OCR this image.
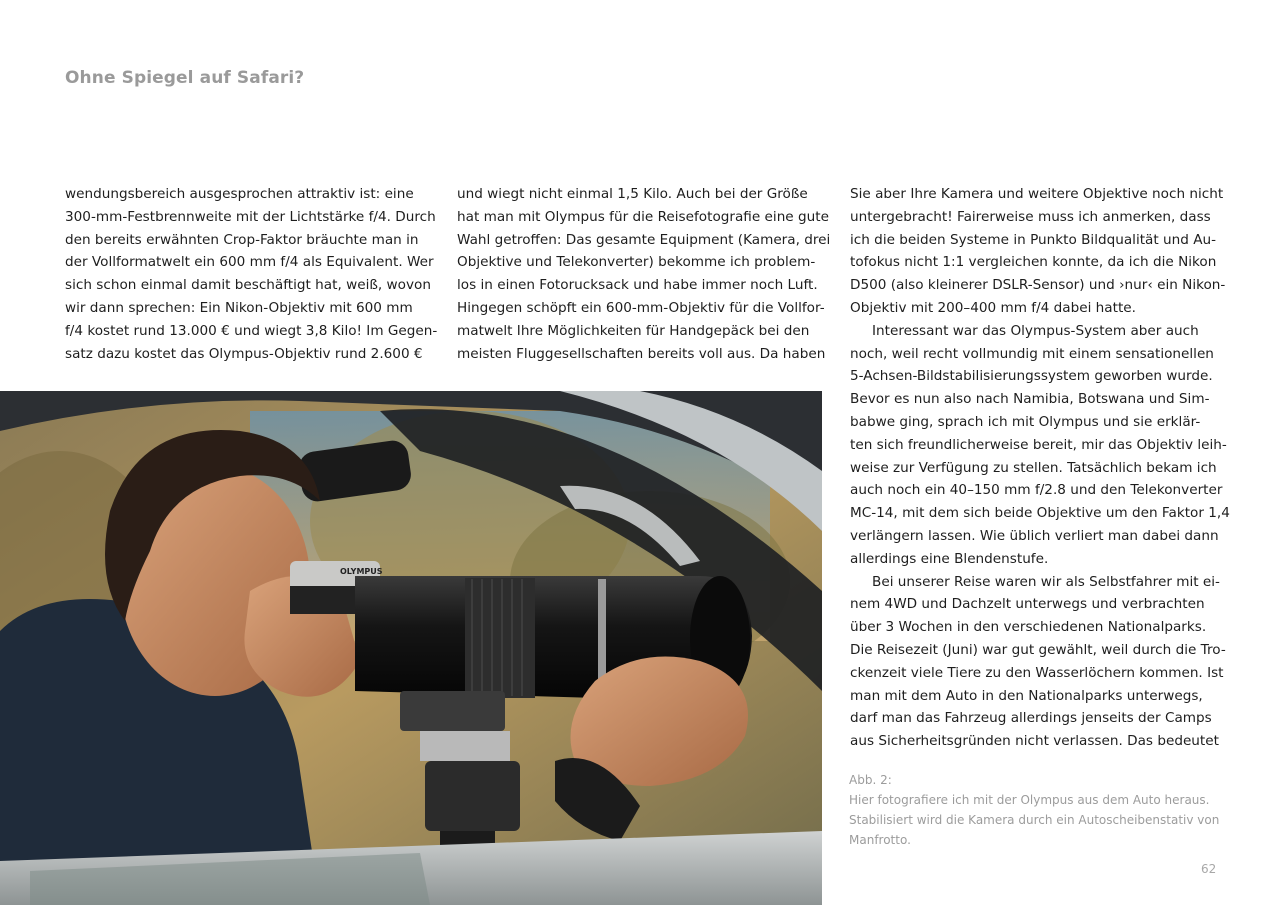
Ohne Spiegel auf Safari?
wendungsbereich ausgesprochen attraktiv ist: eine
300-mm-Festbrennweite mit der Lichtstärke f/4. Durch
den bereits erwähnten Crop-Faktor bräuchte man in
der Vollformatwelt ein 600 mm f/4 als Equivalent. Wer
sich schon einmal damit beschäftigt hat, weiß, wovon
wir dann sprechen: Ein Nikon-Objektiv mit 600 mm
f/4 kostet rund 13.000 € und wiegt 3,8 Kilo! Im Gegen-
satz dazu kostet das Olympus-Objektiv rund 2.600 €
und wiegt nicht einmal 1,5 Kilo. Auch bei der Größe
hat man mit Olympus für die Reisefotografie eine gute
Wahl getroffen: Das gesamte Equipment (Kamera, drei
Objektive und Telekonverter) bekomme ich problem-
los in einen Fotorucksack und habe immer noch Luft.
Hingegen schöpft ein 600-mm-Objektiv für die Vollfor-
matwelt Ihre Möglichkeiten für Handgepäck bei den
meisten Fluggesellschaften bereits voll aus. Da haben
Sie aber Ihre Kamera und weitere Objektive noch nicht
untergebracht! Fairerweise muss ich anmerken, dass
ich die beiden Systeme in Punkto Bildqualität und Au-
tofokus nicht 1:1 vergleichen konnte, da ich die Nikon
D500 (also kleinerer DSLR-Sensor) und ›nur‹ ein Nikon-
Objektiv mit 200–400 mm f/4 dabei hatte.
Interessant war das Olympus-System aber auch
noch, weil recht vollmundig mit einem sensationellen
5-Achsen-Bildstabilisierungssystem geworben wurde.
Bevor es nun also nach Namibia, Botswana und Sim-
babwe ging, sprach ich mit Olympus und sie erklär-
ten sich freundlicherweise bereit, mir das Objektiv leih-
weise zur Verfügung zu stellen. Tatsächlich bekam ich
auch noch ein 40–150 mm f/2.8 und den Telekonverter
MC-14, mit dem sich beide Objektive um den Faktor 1,4
verlängern lassen. Wie üblich verliert man dabei dann
allerdings eine Blendenstufe.
Bei unserer Reise waren wir als Selbstfahrer mit ei-
nem 4WD und Dachzelt unterwegs und verbrachten
über 3 Wochen in den verschiedenen Nationalparks.
Die Reisezeit (Juni) war gut gewählt, weil durch die Tro-
ckenzeit viele Tiere zu den Wasserlöchern kommen. Ist
man mit dem Auto in den Nationalparks unterwegs,
darf man das Fahrzeug allerdings jenseits der Camps
aus Sicherheitsgründen nicht verlassen. Das bedeutet
OLYMPUS
Abb. 2:
Hier fotografiere ich mit der Olympus aus dem Auto heraus.
Stabilisiert wird die Kamera durch ein Autoscheibenstativ von
Manfrotto.
62
